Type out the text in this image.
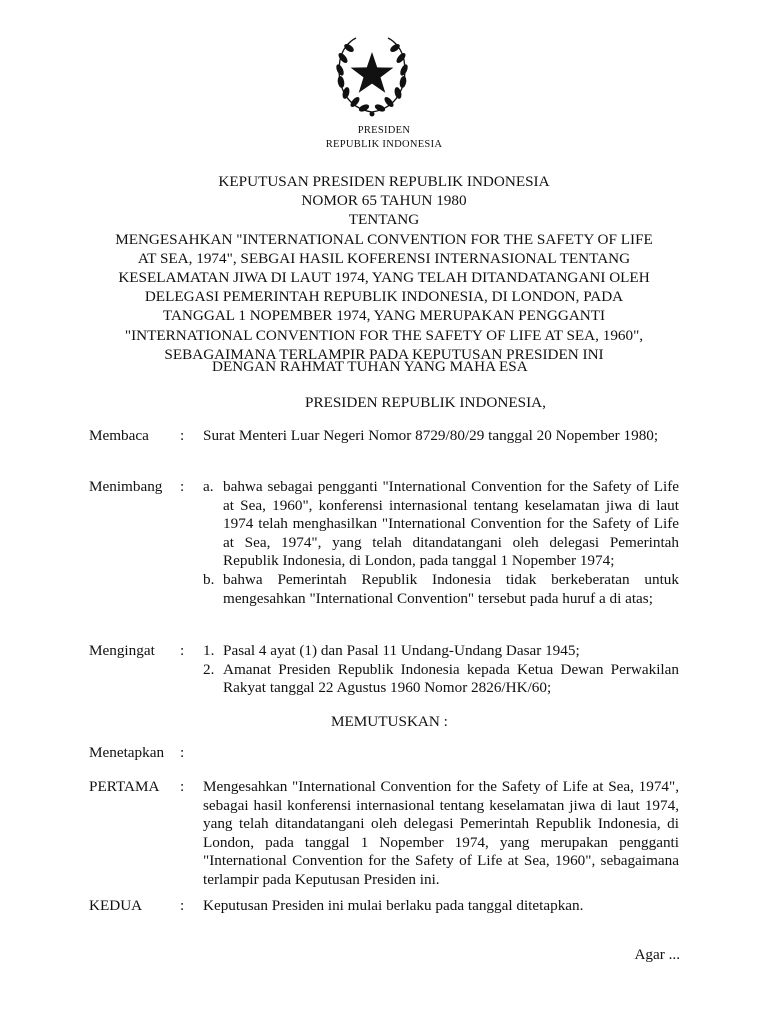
PRESIDEN
REPUBLIK INDONESIA
KEPUTUSAN PRESIDEN REPUBLIK INDONESIA
NOMOR 65 TAHUN 1980
TENTANG
MENGESAHKAN "INTERNATIONAL CONVENTION FOR THE SAFETY OF LIFE
AT SEA, 1974", SEBGAI HASIL KOFERENSI INTERNASIONAL TENTANG
KESELAMATAN JIWA DI LAUT 1974, YANG TELAH DITANDATANGANI OLEH
DELEGASI PEMERINTAH REPUBLIK INDONESIA, DI LONDON, PADA
TANGGAL 1 NOPEMBER 1974, YANG MERUPAKAN PENGGANTI
"INTERNATIONAL CONVENTION FOR THE SAFETY OF LIFE AT SEA, 1960",
SEBAGAIMANA TERLAMPIR PADA KEPUTUSAN PRESIDEN INI
DENGAN RAHMAT TUHAN YANG MAHA ESA
PRESIDEN REPUBLIK INDONESIA,
Membaca : Surat Menteri Luar Negeri Nomor 8729/80/29 tanggal 20 Nopember 1980;
Menimbang : a. bahwa sebagai pengganti "International Convention for the Safety of Life at Sea, 1960", konferensi internasional tentang keselamatan jiwa di laut 1974 telah menghasilkan "International Convention for the Safety of Life at Sea, 1974", yang telah ditandatangani oleh delegasi Pemerintah Republik Indonesia, di London, pada tanggal 1 Nopember 1974;
b. bahwa Pemerintah Republik Indonesia tidak berkeberatan untuk mengesahkan "International Convention" tersebut pada huruf a di atas;
Mengingat : 1. Pasal 4 ayat (1) dan Pasal 11 Undang-Undang Dasar 1945;
2. Amanat Presiden Republik Indonesia kepada Ketua Dewan Perwakilan Rakyat tanggal 22 Agustus 1960 Nomor 2826/HK/60;
MEMUTUSKAN :
Menetapkan :
PERTAMA : Mengesahkan "International Convention for the Safety of Life at Sea, 1974", sebagai hasil konferensi internasional tentang keselamatan jiwa di laut 1974, yang telah ditandatangani oleh delegasi Pemerintah Republik Indonesia, di London, pada tanggal 1 Nopember 1974, yang merupakan pengganti "International Convention for the Safety of Life at Sea, 1960", sebagaimana terlampir pada Keputusan Presiden ini.
KEDUA : Keputusan Presiden ini mulai berlaku pada tanggal ditetapkan.
Agar ...
